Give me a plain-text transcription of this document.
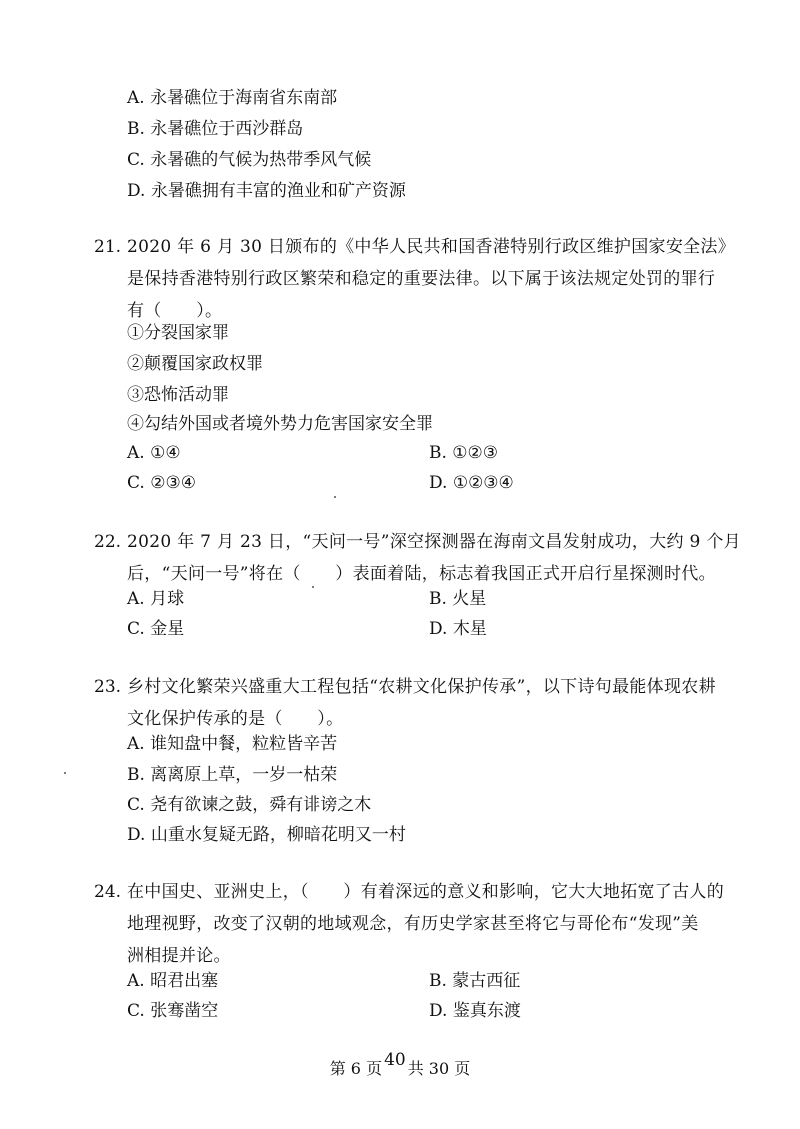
A. 永暑礁位于海南省东南部
B. 永暑礁位于西沙群岛
C. 永暑礁的气候为热带季风气候
D. 永暑礁拥有丰富的渔业和矿产资源
21. 2020 年 6 月 30 日颁布的《中华人民共和国香港特别行政区维护国家安全法》
是保持香港特别行政区繁荣和稳定的重要法律。以下属于该法规定处罚的罪行
有（　　）。
①分裂国家罪
②颠覆国家政权罪
③恐怖活动罪
④勾结外国或者境外势力危害国家安全罪
A. ①④	B. ①②③
C. ②③④	D. ①②③④
22. 2020 年 7 月 23 日，“天问一号”深空探测器在海南文昌发射成功，大约 9 个月
后，“天问一号”将在（　　）表面着陆，标志着我国正式开启行星探测时代。
A. 月球	B. 火星
C. 金星	D. 木星
23. 乡村文化繁荣兴盛重大工程包括“农耕文化保护传承”，以下诗句最能体现农耕
文化保护传承的是（　　）。
A. 谁知盘中餐，粒粒皆辛苦
B. 离离原上草，一岁一枯荣
C. 尧有欲谏之鼓，舜有诽谤之木
D. 山重水复疑无路，柳暗花明又一村
24. 在中国史、亚洲史上，（　　）有着深远的意义和影响，它大大地拓宽了古人的
地理视野，改变了汉朝的地域观念，有历史学家甚至将它与哥伦布“发现”美
洲相提并论。
A. 昭君出塞	B. 蒙古西征
C. 张骞凿空	D. 鉴真东渡
第 6 页 40 共 30 页
